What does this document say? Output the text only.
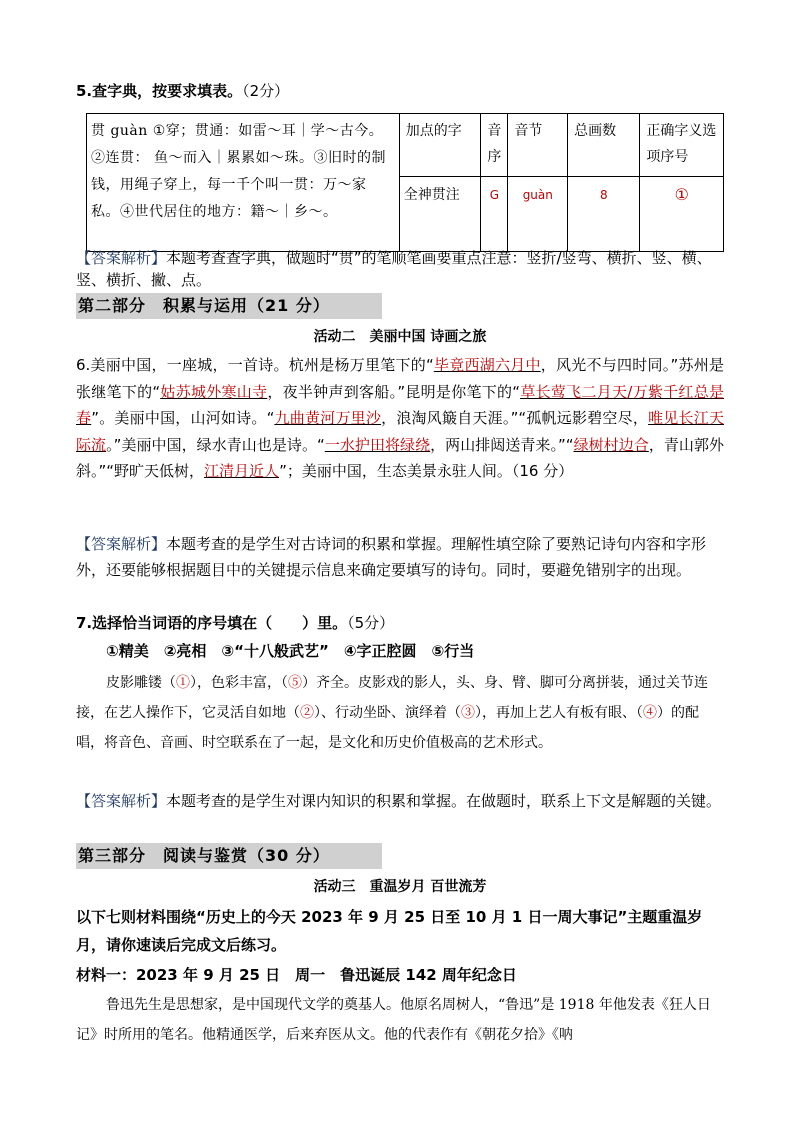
5.查字典，按要求填表。（2分）
贯 guàn ①穿；贯通：如雷～耳｜学～古今。②连贯： 鱼～而入｜累累如～珠。③旧时的制钱，用绳子穿上，每一千个叫一贯：万～家私。④世代居住的地方：籍～｜乡～。	加点的字	音序	音节	总画数	正确字义选项序号
	全神贯注	G	guàn	8	①
【答案解析】本题考查查字典，做题时“贯”的笔顺笔画要重点注意：竖折/竖弯、横折、竖、横、竖、横折、撇、点。
第二部分　积累与运用（21 分）
活动二　美丽中国 诗画之旅
6.美丽中国，一座城，一首诗。杭州是杨万里笔下的“毕竟西湖六月中，风光不与四时同。”苏州是张继笔下的“姑苏城外寒山寺，夜半钟声到客船。”昆明是你笔下的“草长莺飞二月天/万紫千红总是春”。美丽中国，山河如诗。“九曲黄河万里沙，浪淘风簸自天涯。”“孤帆远影碧空尽，唯见长江天际流。”美丽中国，绿水青山也是诗。“一水护田将绿绕，两山排闼送青来。”“绿树村边合，青山郭外斜。”“野旷天低树，江清月近人”；美丽中国，生态美景永驻人间。（16 分）
【答案解析】本题考查的是学生对古诗词的积累和掌握。理解性填空除了要熟记诗句内容和字形外，还要能够根据题目中的关键提示信息来确定要填写的诗句。同时，要避免错别字的出现。
7.选择恰当词语的序号填在（　　）里。（5分）
①精美　②亮相　③“十八般武艺”　④字正腔圆　⑤行当
皮影雕镂（①），色彩丰富，（⑤）齐全。皮影戏的影人，头、身、臂、脚可分离拼装，通过关节连接，在艺人操作下，它灵活自如地（②）、行动坐卧、演绎着（③），再加上艺人有板有眼、（④）的配唱，将音色、音画、时空联系在了一起，是文化和历史价值极高的艺术形式。
【答案解析】本题考查的是学生对课内知识的积累和掌握。在做题时，联系上下文是解题的关键。
第三部分　阅读与鉴赏（30 分）
活动三　重温岁月 百世流芳
以下七则材料围绕“历史上的今天 2023 年 9 月 25 日至 10 月 1 日一周大事记”主题重温岁月，请你速读后完成文后练习。
材料一：2023 年 9 月 25 日　周一　鲁迅诞辰 142 周年纪念日
鲁迅先生是思想家，是中国现代文学的奠基人。他原名周树人，“鲁迅”是 1918 年他发表《狂人日记》时所用的笔名。他精通医学，后来弃医从文。他的代表作有《朝花夕拾》《呐
